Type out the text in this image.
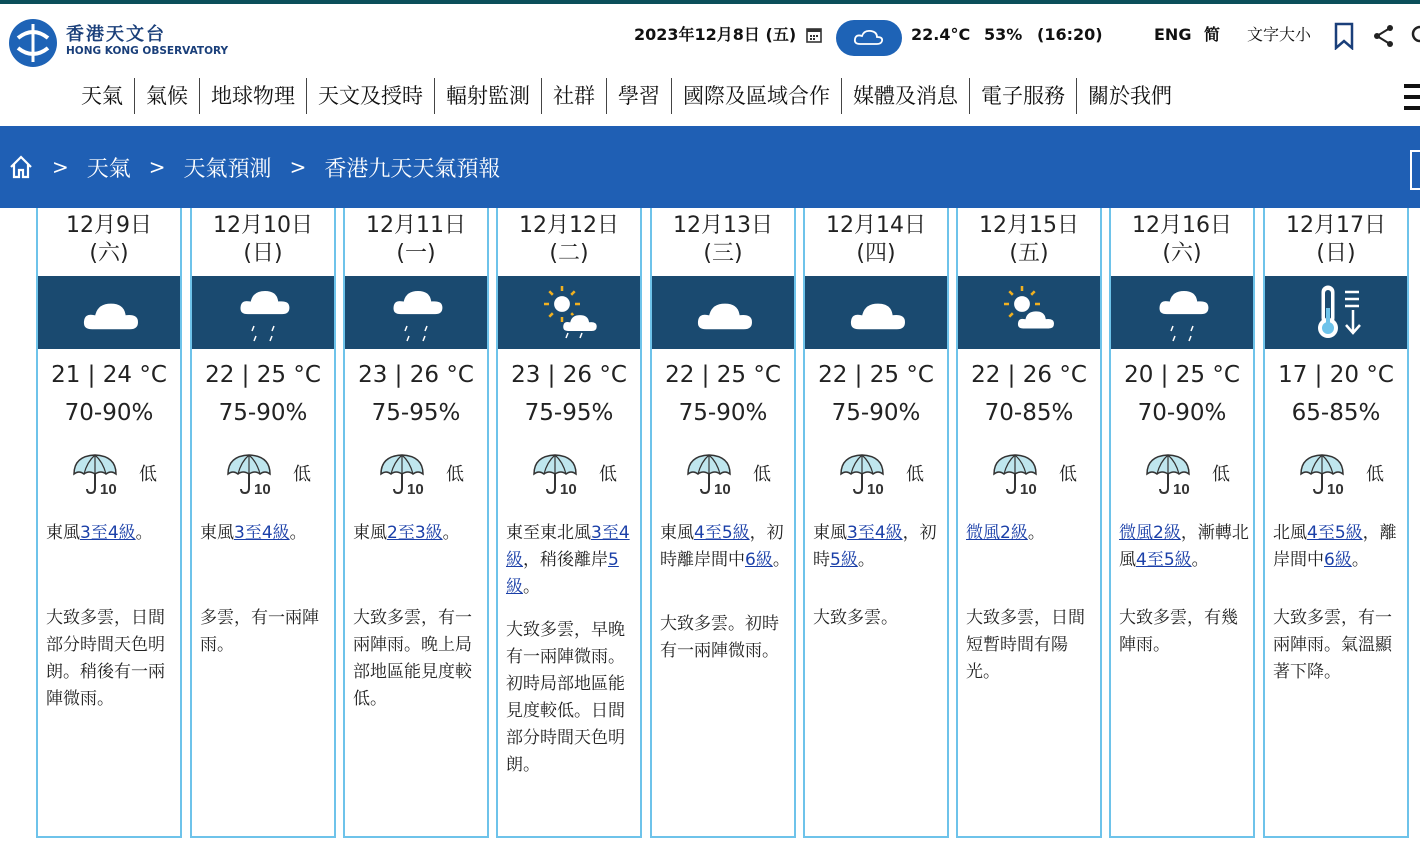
香港天文台
HONG KONG OBSERVATORY
2023年12月8日 (五)	22.4°C 53% (16:20)	ENG 简 文字大小
天氣	氣候	地球物理	天文及授時	輻射監測	社群	學習	國際及區域合作	媒體及消息	電子服務	關於我們
> 天氣 > 天氣預測 > 香港九天天氣預報
12月9日
(六)
21 | 24 °C
70-90%
10
低
東風3至4級。
大致多雲，日間部分時間天色明朗。稍後有一兩陣微雨。
12月10日
(日)
22 | 25 °C
75-90%
10
低
東風3至4級。
多雲，有一兩陣雨。
12月11日
(一)
23 | 26 °C
75-95%
10
低
東風2至3級。
大致多雲，有一兩陣雨。晚上局部地區能見度較低。
12月12日
(二)
23 | 26 °C
75-95%
10
低
東至東北風3至4級，稍後離岸5級。
大致多雲，早晚有一兩陣微雨。初時局部地區能見度較低。日間部分時間天色明朗。
12月13日
(三)
22 | 25 °C
75-90%
10
低
東風4至5級，初時離岸間中6級。
大致多雲。初時有一兩陣微雨。
12月14日
(四)
22 | 25 °C
75-90%
10
低
東風3至4級，初時5級。
大致多雲。
12月15日
(五)
22 | 26 °C
70-85%
10
低
微風2級。
大致多雲，日間短暫時間有陽光。
12月16日
(六)
20 | 25 °C
70-90%
10
低
微風2級，漸轉北風4至5級。
大致多雲，有幾陣雨。
12月17日
(日)
17 | 20 °C
65-85%
10
低
北風4至5級，離岸間中6級。
大致多雲，有一兩陣雨。氣溫顯著下降。
